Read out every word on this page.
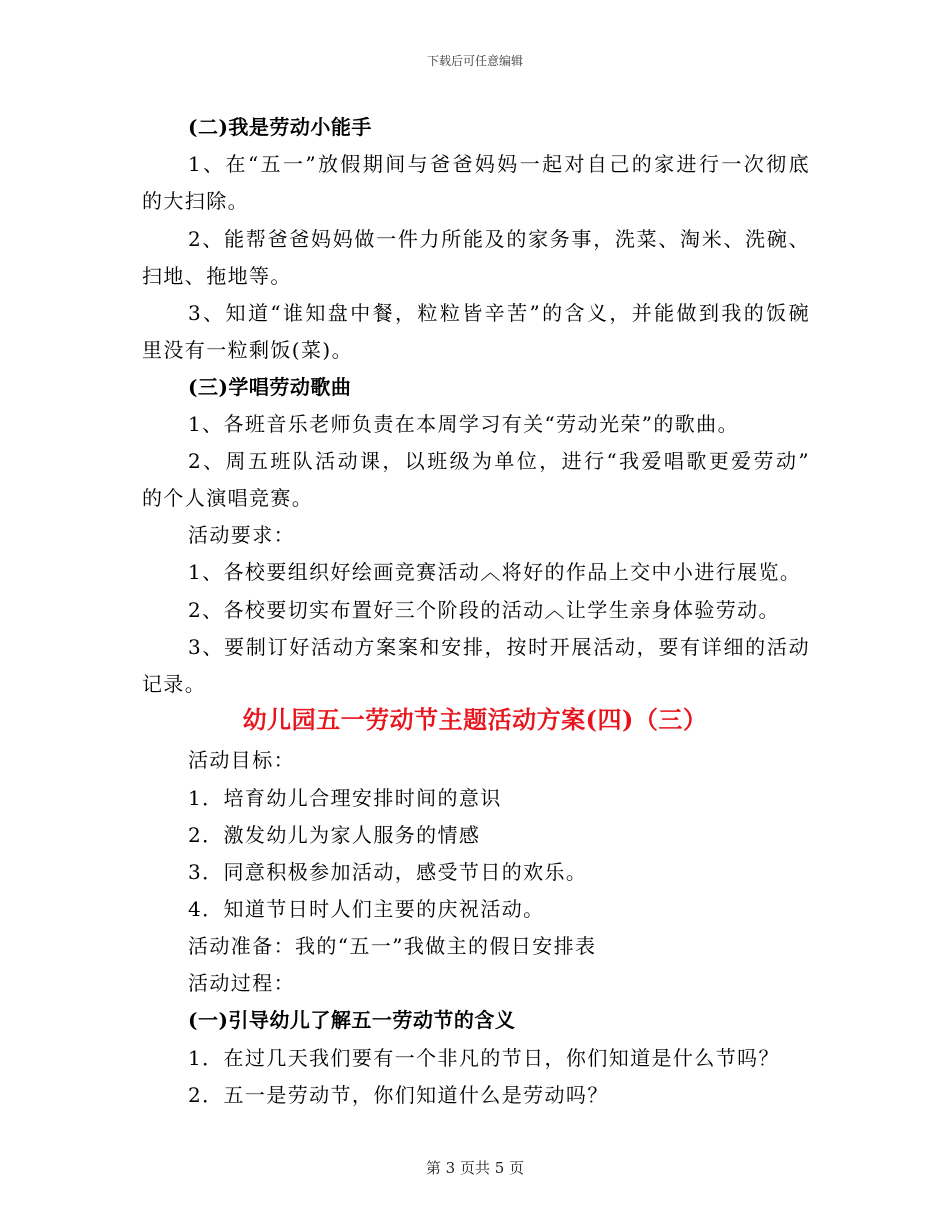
下载后可任意编辑
(二)我是劳动小能手
1、在“五一”放假期间与爸爸妈妈一起对自己的家进行一次彻底
的大扫除。
2、能帮爸爸妈妈做一件力所能及的家务事，洗菜、淘米、洗碗、
扫地、拖地等。
3、知道“谁知盘中餐，粒粒皆辛苦”的含义，并能做到我的饭碗
里没有一粒剩饭(菜)。
(三)学唱劳动歌曲
1、各班音乐老师负责在本周学习有关“劳动光荣”的歌曲。
2、周五班队活动课，以班级为单位，进行“我爱唱歌更爱劳动”
的个人演唱竞赛。
活动要求：
1、各校要组织好绘画竞赛活动︿将好的作品上交中小进行展览。
2、各校要切实布置好三个阶段的活动︿让学生亲身体验劳动。
3、要制订好活动方案案和安排，按时开展活动，要有详细的活动
记录。
幼儿园五一劳动节主题活动方案(四)（三）
活动目标：
1．培育幼儿合理安排时间的意识
2．激发幼儿为家人服务的情感
3．同意积极参加活动，感受节日的欢乐。
4．知道节日时人们主要的庆祝活动。
活动准备：我的“五一”我做主的假日安排表
活动过程：
(一)引导幼儿了解五一劳动节的含义
1．在过几天我们要有一个非凡的节日，你们知道是什么节吗？
2．五一是劳动节，你们知道什么是劳动吗？
第 3 页共 5 页
